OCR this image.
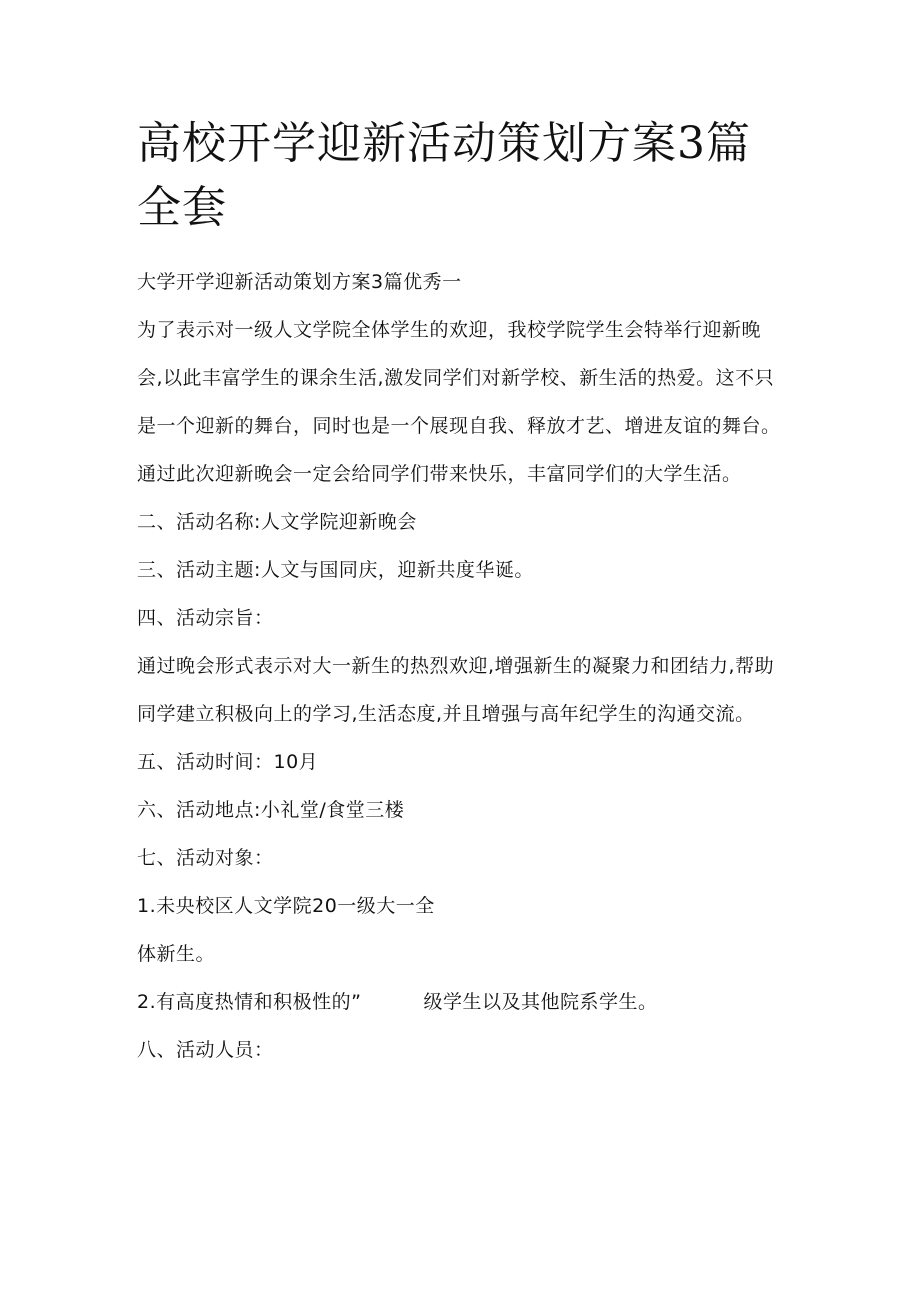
高校开学迎新活动策划方案3篇全套

大学开学迎新活动策划方案3篇优秀一

为了表示对一级人文学院全体学生的欢迎，我校学院学生会特举行迎新晚会,以此丰富学生的课余生活,激发同学们对新学校、新生活的热爱。这不只是一个迎新的舞台，同时也是一个展现自我、释放才艺、增进友谊的舞台。通过此次迎新晚会一定会给同学们带来快乐，丰富同学们的大学生活。

二、活动名称:人文学院迎新晚会

三、活动主题:人文与国同庆，迎新共度华诞。

四、活动宗旨：

通过晚会形式表示对大一新生的热烈欢迎,增强新生的凝聚力和团结力,帮助同学建立积极向上的学习,生活态度,并且增强与高年纪学生的沟通交流。

五、活动时间：10月

六、活动地点:小礼堂/食堂三楼

七、活动对象：

1.未央校区人文学院20一级大一全

体新生。

2.有高度热情和积极性的”	级学生以及其他院系学生。

八、活动人员：
